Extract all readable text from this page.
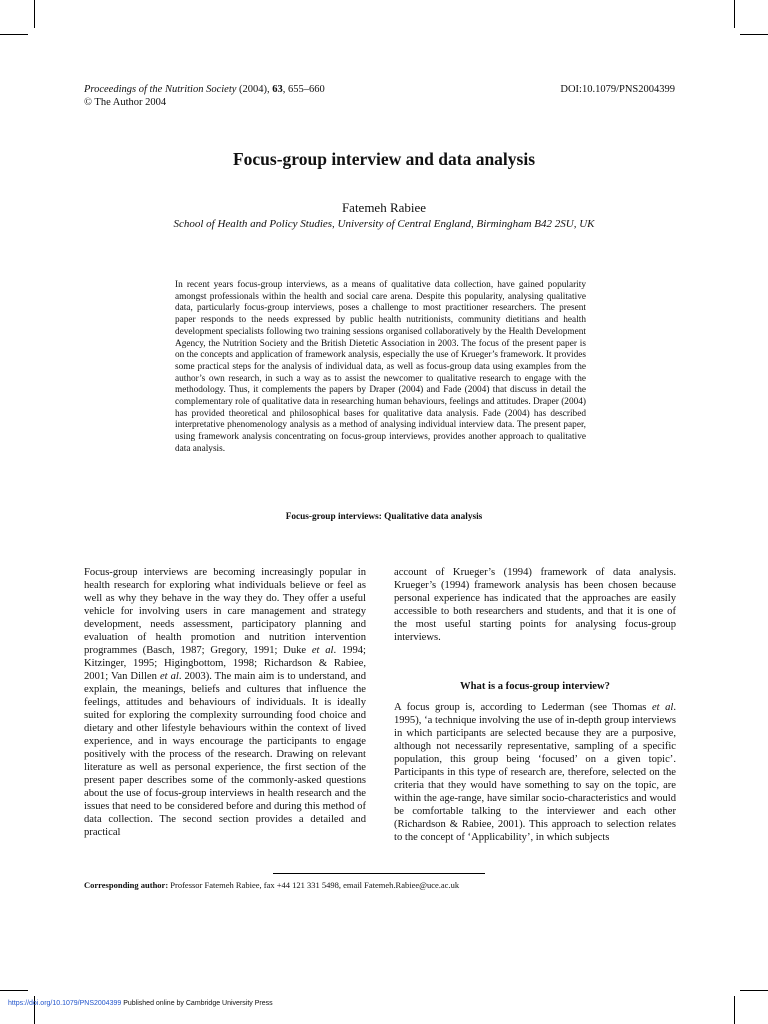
Proceedings of the Nutrition Society (2004), 63, 655–660
© The Author 2004
DOI:10.1079/PNS2004399
Focus-group interview and data analysis
Fatemeh Rabiee
School of Health and Policy Studies, University of Central England, Birmingham B42 2SU, UK
In recent years focus-group interviews, as a means of qualitative data collection, have gained popularity amongst professionals within the health and social care arena. Despite this popularity, analysing qualitative data, particularly focus-group interviews, poses a challenge to most practitioner researchers. The present paper responds to the needs expressed by public health nutritionists, community dietitians and health development specialists following two training sessions organised collaboratively by the Health Development Agency, the Nutrition Society and the British Dietetic Association in 2003. The focus of the present paper is on the concepts and application of framework analysis, especially the use of Krueger’s framework. It provides some practical steps for the analysis of individual data, as well as focus-group data using examples from the author’s own research, in such a way as to assist the newcomer to qualitative research to engage with the methodology. Thus, it complements the papers by Draper (2004) and Fade (2004) that discuss in detail the complementary role of qualitative data in researching human behaviours, feelings and attitudes. Draper (2004) has provided theoretical and philosophical bases for qualitative data analysis. Fade (2004) has described interpretative phenomenology analysis as a method of analysing individual interview data. The present paper, using framework analysis concentrating on focus-group interviews, provides another approach to qualitative data analysis.
Focus-group interviews: Qualitative data analysis

Focus-group interviews are becoming increasingly popular in health research for exploring what individuals believe or feel as well as why they behave in the way they do. They offer a useful vehicle for involving users in care management and strategy development, needs assessment, participatory planning and evaluation of health promotion and nutrition intervention programmes (Basch, 1987; Gregory, 1991; Duke et al. 1994; Kitzinger, 1995; Higingbottom, 1998; Richardson & Rabiee, 2001; Van Dillen et al. 2003). The main aim is to understand, and explain, the meanings, beliefs and cultures that influence the feelings, attitudes and behaviours of individuals. It is ideally suited for exploring the complexity surrounding food choice and dietary and other lifestyle behaviours within the context of lived experience, and in ways encourage the participants to engage positively with the process of the research. Drawing on relevant literature as well as personal experience, the first section of the present paper describes some of the commonly-asked questions about the use of focus-group interviews in health research and the issues that need to be considered before and during this method of data collection. The second section provides a detailed and practical

account of Krueger’s (1994) framework of data analysis. Krueger’s (1994) framework analysis has been chosen because personal experience has indicated that the approaches are easily accessible to both researchers and students, and that it is one of the most useful starting points for analysing focus-group interviews.

What is a focus-group interview?

A focus group is, according to Lederman (see Thomas et al. 1995), ‘a technique involving the use of in-depth group interviews in which participants are selected because they are a purposive, although not necessarily representative, sampling of a specific population, this group being ‘focused’ on a given topic’. Participants in this type of research are, therefore, selected on the criteria that they would have something to say on the topic, are within the age-range, have similar socio-characteristics and would be comfortable talking to the interviewer and each other (Richardson & Rabiee, 2001). This approach to selection relates to the concept of ‘Applicability’, in which subjects

Corresponding author: Professor Fatemeh Rabiee, fax +44 121 331 5498, email Fatemeh.Rabiee@uce.ac.uk
https://doi.org/10.1079/PNS2004399 Published online by Cambridge University Press
